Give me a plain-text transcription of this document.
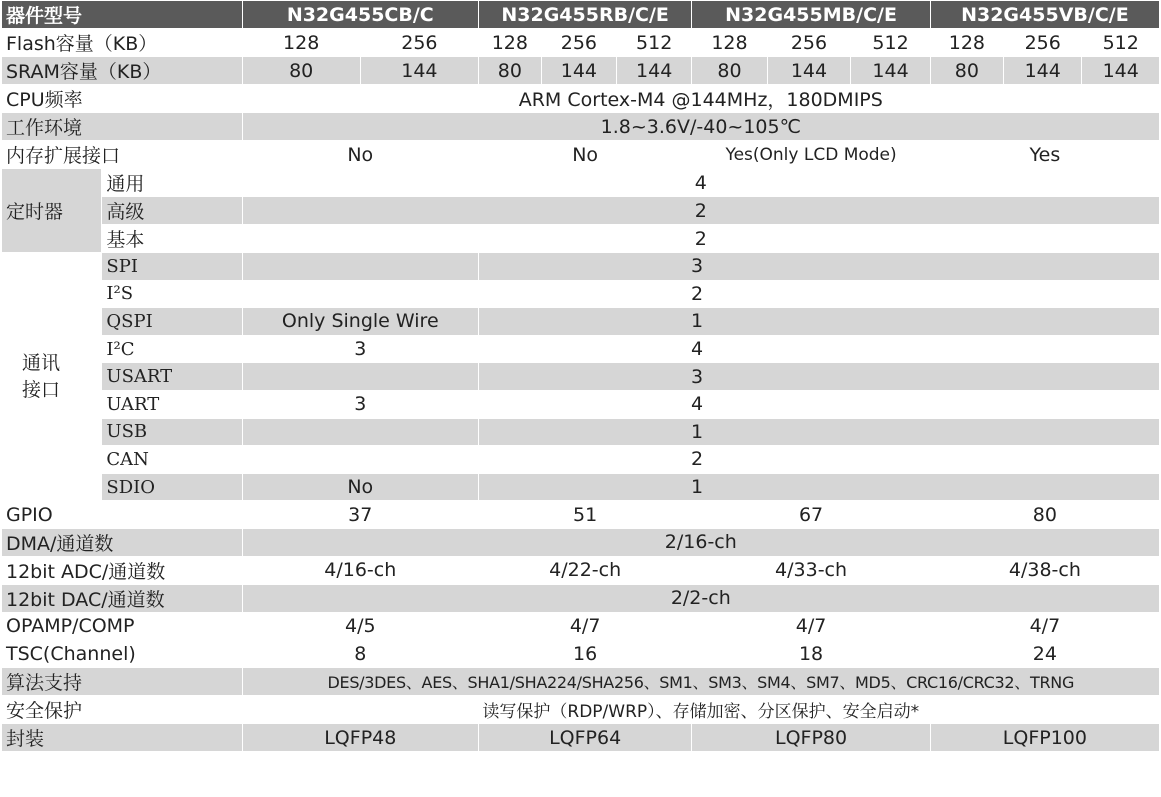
器件型号		N32G455CB/C		N32G455RB/C/E			N32G455MB/C/E			N32G455VB/C/E		
Flash容量（KB）		128	256	128	256	512	128	256	512	128	256	512
SRAM容量（KB）		80	144	80	144	144	80	144	144	80	144	144
CPU频率		ARM Cortex-M4 @144MHz，180DMIPS										
工作环境		1.8~3.6V/-40~105℃										
内存扩展接口		No		No			Yes(Only LCD Mode)			Yes		
定时器	通用	4										
	高级	2										
	基本	2										

通讯
接口	SPI			3								
	I²S			2								
	QSPI	Only Single Wire		1								
	I²C	3		4								
	USART			3								
	UART	3		4								
	USB			1								
	CAN			2								
	SDIO	No		1								
GPIO		37		51			67			80		
DMA/通道数		2/16-ch										
12bit ADC/通道数		4/16-ch		4/22-ch			4/33-ch			4/38-ch		
12bit DAC/通道数		2/2-ch										
OPAMP/COMP		4/5		4/7			4/7			4/7		
TSC(Channel)		8		16			18			24		
算法支持		DES/3DES、AES、SHA1/SHA224/SHA256、SM1、SM3、SM4、SM7、MD5、CRC16/CRC32、TRNG										
安全保护		读写保护（RDP/WRP）、存储加密、分区保护、安全启动*										
封装		LQFP48		LQFP64			LQFP80			LQFP100		
